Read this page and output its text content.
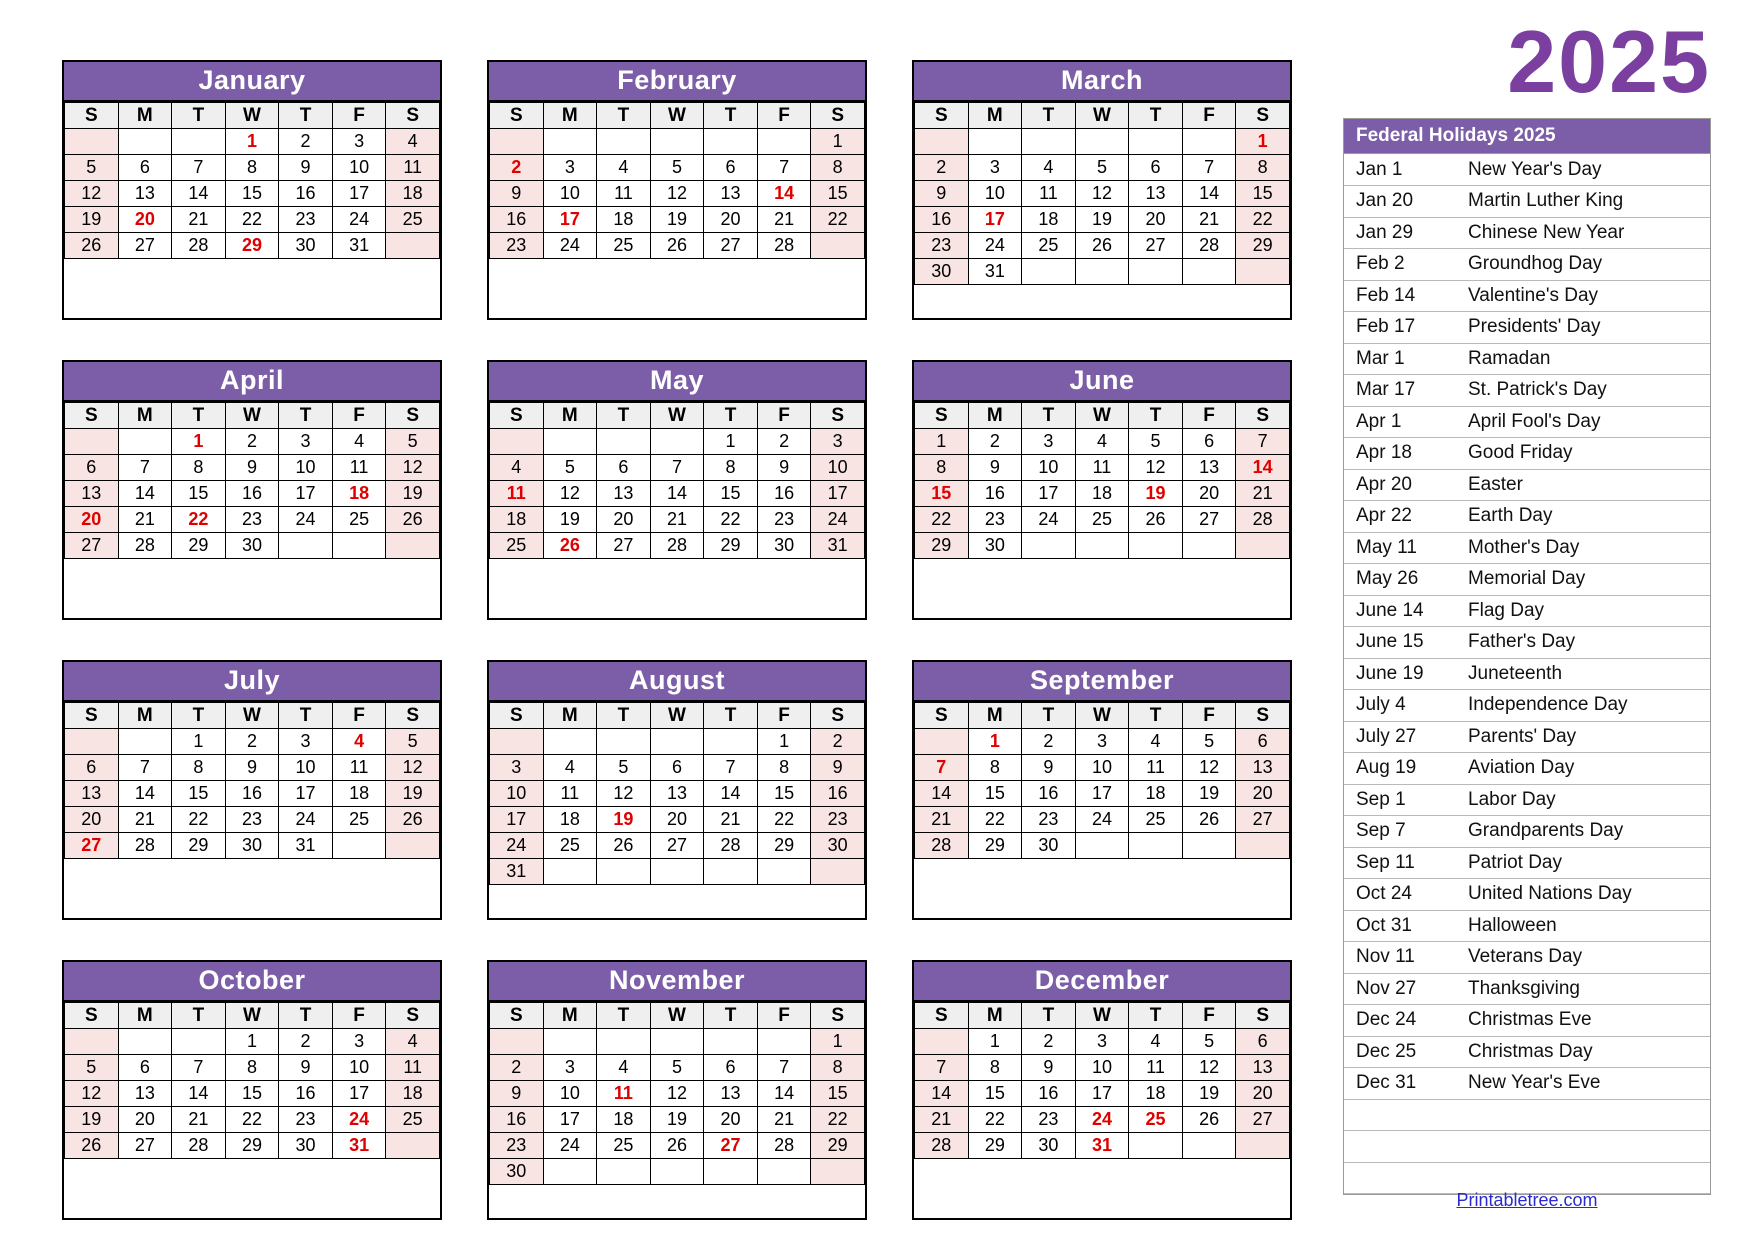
January
S	M	T	W	T	F	S
			1	2	3	4
5	6	7	8	9	10	11
12	13	14	15	16	17	18
19	20	21	22	23	24	25
26	27	28	29	30	31	
February
S	M	T	W	T	F	S
						1
2	3	4	5	6	7	8
9	10	11	12	13	14	15
16	17	18	19	20	21	22
23	24	25	26	27	28	
March
S	M	T	W	T	F	S
						1
2	3	4	5	6	7	8
9	10	11	12	13	14	15
16	17	18	19	20	21	22
23	24	25	26	27	28	29
30	31					
April
S	M	T	W	T	F	S
		1	2	3	4	5
6	7	8	9	10	11	12
13	14	15	16	17	18	19
20	21	22	23	24	25	26
27	28	29	30			
May
S	M	T	W	T	F	S
				1	2	3
4	5	6	7	8	9	10
11	12	13	14	15	16	17
18	19	20	21	22	23	24
25	26	27	28	29	30	31
June
S	M	T	W	T	F	S
1	2	3	4	5	6	7
8	9	10	11	12	13	14
15	16	17	18	19	20	21
22	23	24	25	26	27	28
29	30					
July
S	M	T	W	T	F	S
		1	2	3	4	5
6	7	8	9	10	11	12
13	14	15	16	17	18	19
20	21	22	23	24	25	26
27	28	29	30	31		
August
S	M	T	W	T	F	S
					1	2
3	4	5	6	7	8	9
10	11	12	13	14	15	16
17	18	19	20	21	22	23
24	25	26	27	28	29	30
31						
September
S	M	T	W	T	F	S
	1	2	3	4	5	6
7	8	9	10	11	12	13
14	15	16	17	18	19	20
21	22	23	24	25	26	27
28	29	30				
October
S	M	T	W	T	F	S
			1	2	3	4
5	6	7	8	9	10	11
12	13	14	15	16	17	18
19	20	21	22	23	24	25
26	27	28	29	30	31	
November
S	M	T	W	T	F	S
						1
2	3	4	5	6	7	8
9	10	11	12	13	14	15
16	17	18	19	20	21	22
23	24	25	26	27	28	29
30						
December
S	M	T	W	T	F	S
	1	2	3	4	5	6
7	8	9	10	11	12	13
14	15	16	17	18	19	20
21	22	23	24	25	26	27
28	29	30	31			
2025
Federal Holidays 2025
Jan 1	New Year's Day
Jan 20	Martin Luther King
Jan 29	Chinese New Year
Feb 2	Groundhog Day
Feb 14	Valentine's Day
Feb 17	Presidents' Day
Mar 1	Ramadan
Mar 17	St. Patrick's Day
Apr 1	April Fool's Day
Apr 18	Good Friday
Apr 20	Easter
Apr 22	Earth Day
May 11	Mother's Day
May 26	Memorial Day
June 14	Flag Day
June 15	Father's Day
June 19	Juneteenth
July 4	Independence Day
July 27	Parents' Day
Aug 19	Aviation Day
Sep 1	Labor Day
Sep 7	Grandparents Day
Sep 11	Patriot Day
Oct 24	United Nations Day
Oct 31	Halloween
Nov 11	Veterans Day
Nov 27	Thanksgiving
Dec 24	Christmas Eve
Dec 25	Christmas Day
Dec 31	New Year's Eve

Printabletree.com
